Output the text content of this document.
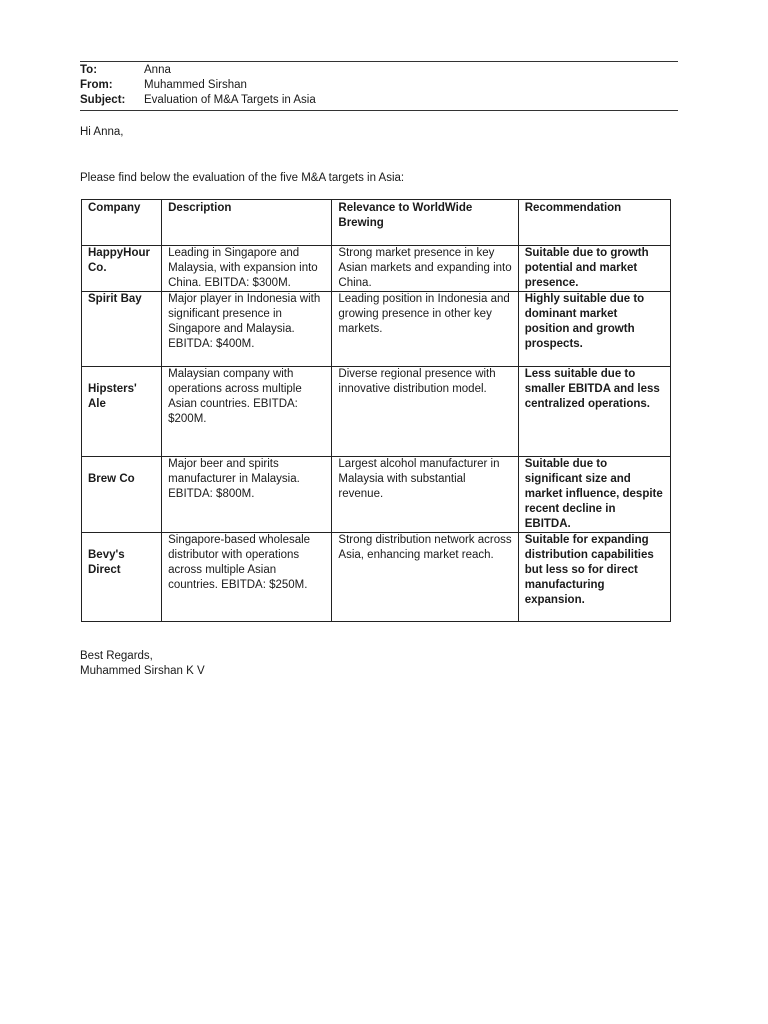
To:	Anna
From:	Muhammed Sirshan
Subject:	Evaluation of M&A Targets in Asia
Hi Anna,
Please find below the evaluation of the five M&A targets in Asia:
Company	Description	Relevance to WorldWide Brewing	Recommendation
HappyHour Co.	Leading in Singapore and Malaysia, with expansion into China. EBITDA: $300M.	Strong market presence in key Asian markets and expanding into China.	Suitable due to growth potential and market presence.
Spirit Bay	Major player in Indonesia with significant presence in Singapore and Malaysia. EBITDA: $400M.	Leading position in Indonesia and growing presence in other key markets.	Highly suitable due to dominant market position and growth prospects.
Hipsters' Ale	Malaysian company with operations across multiple Asian countries. EBITDA: $200M.	Diverse regional presence with innovative distribution model.	Less suitable due to smaller EBITDA and less centralized operations.
Brew Co	Major beer and spirits manufacturer in Malaysia. EBITDA: $800M.	Largest alcohol manufacturer in Malaysia with substantial revenue.	Suitable due to significant size and market influence, despite recent decline in EBITDA.
Bevy's Direct	Singapore-based wholesale distributor with operations across multiple Asian countries. EBITDA: $250M.	Strong distribution network across Asia, enhancing market reach.	Suitable for expanding distribution capabilities but less so for direct manufacturing expansion.
Best Regards,
Muhammed Sirshan K V
